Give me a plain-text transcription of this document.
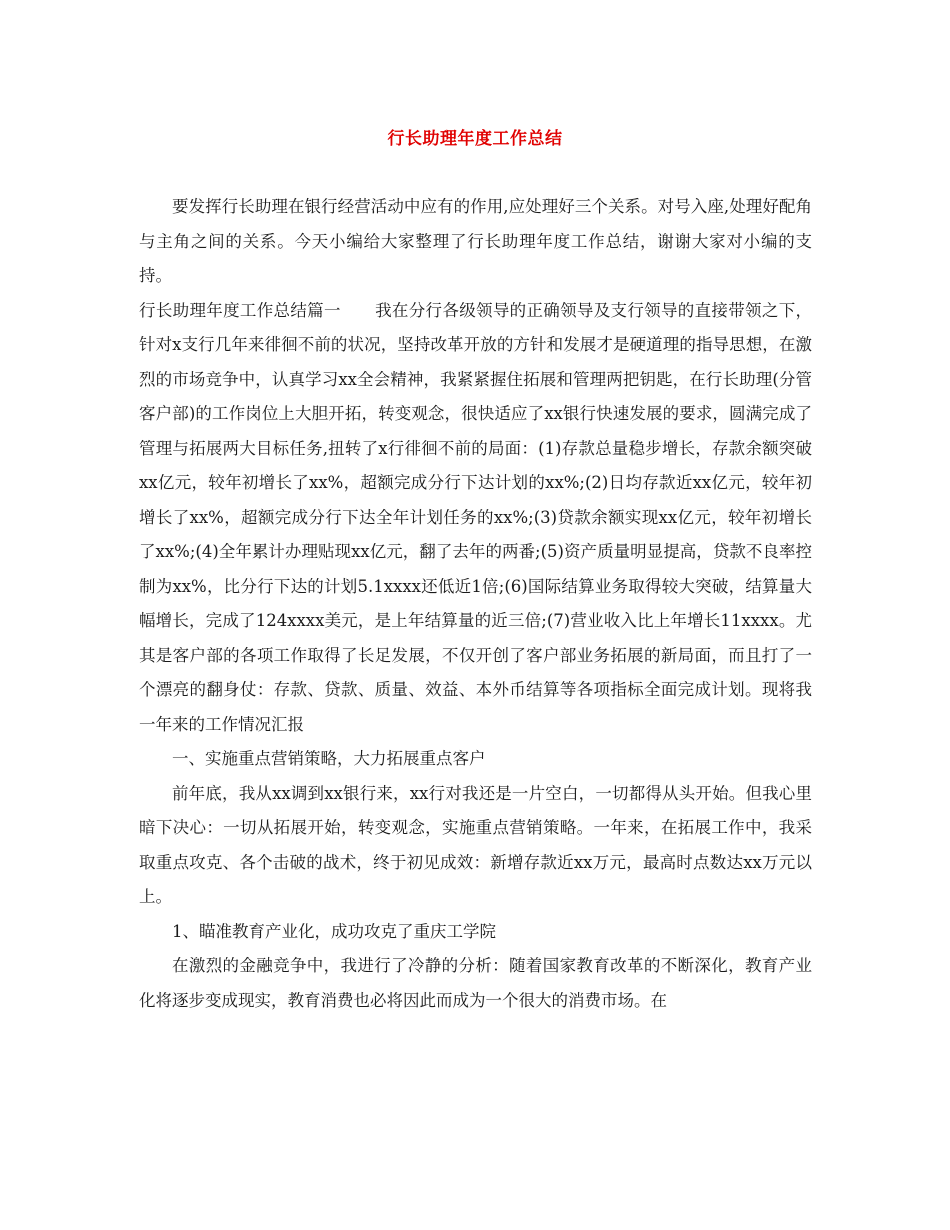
行长助理年度工作总结

要发挥行长助理在银行经营活动中应有的作用,应处理好三个关系。对号入座,处理好配角与主角之间的关系。今天小编给大家整理了行长助理年度工作总结，谢谢大家对小编的支持。

行长助理年度工作总结篇一 我在分行各级领导的正确领导及支行领导的直接带领之下，针对x支行几年来徘徊不前的状况，坚持改革开放的方针和发展才是硬道理的指导思想，在激烈的市场竞争中，认真学习xx全会精神，我紧紧握住拓展和管理两把钥匙，在行长助理(分管客户部)的工作岗位上大胆开拓，转变观念，很快适应了xx银行快速发展的要求，圆满完成了管理与拓展两大目标任务,扭转了x行徘徊不前的局面：(1)存款总量稳步增长，存款余额突破xx亿元，较年初增长了xx%，超额完成分行下达计划的xx%;(2)日均存款近xx亿元，较年初增长了xx%，超额完成分行下达全年计划任务的xx%;(3)贷款余额实现xx亿元，较年初增长了xx%;(4)全年累计办理贴现xx亿元，翻了去年的两番;(5)资产质量明显提高，贷款不良率控制为xx%，比分行下达的计划5.1xxxx还低近1倍;(6)国际结算业务取得较大突破，结算量大幅增长，完成了124xxxx美元，是上年结算量的近三倍;(7)营业收入比上年增长11xxxx。尤其是客户部的各项工作取得了长足发展，不仅开创了客户部业务拓展的新局面，而且打了一个漂亮的翻身仗：存款、贷款、质量、效益、本外币结算等各项指标全面完成计划。现将我一年来的工作情况汇报

一、实施重点营销策略，大力拓展重点客户

前年底，我从xx调到xx银行来，xx行对我还是一片空白，一切都得从头开始。但我心里暗下决心：一切从拓展开始，转变观念，实施重点营销策略。一年来，在拓展工作中，我采取重点攻克、各个击破的战术，终于初见成效：新增存款近xx万元，最高时点数达xx万元以上。

1、瞄准教育产业化，成功攻克了重庆工学院

在激烈的金融竞争中，我进行了冷静的分析：随着国家教育改革的不断深化，教育产业化将逐步变成现实，教育消费也必将因此而成为一个很大的消费市场。在
